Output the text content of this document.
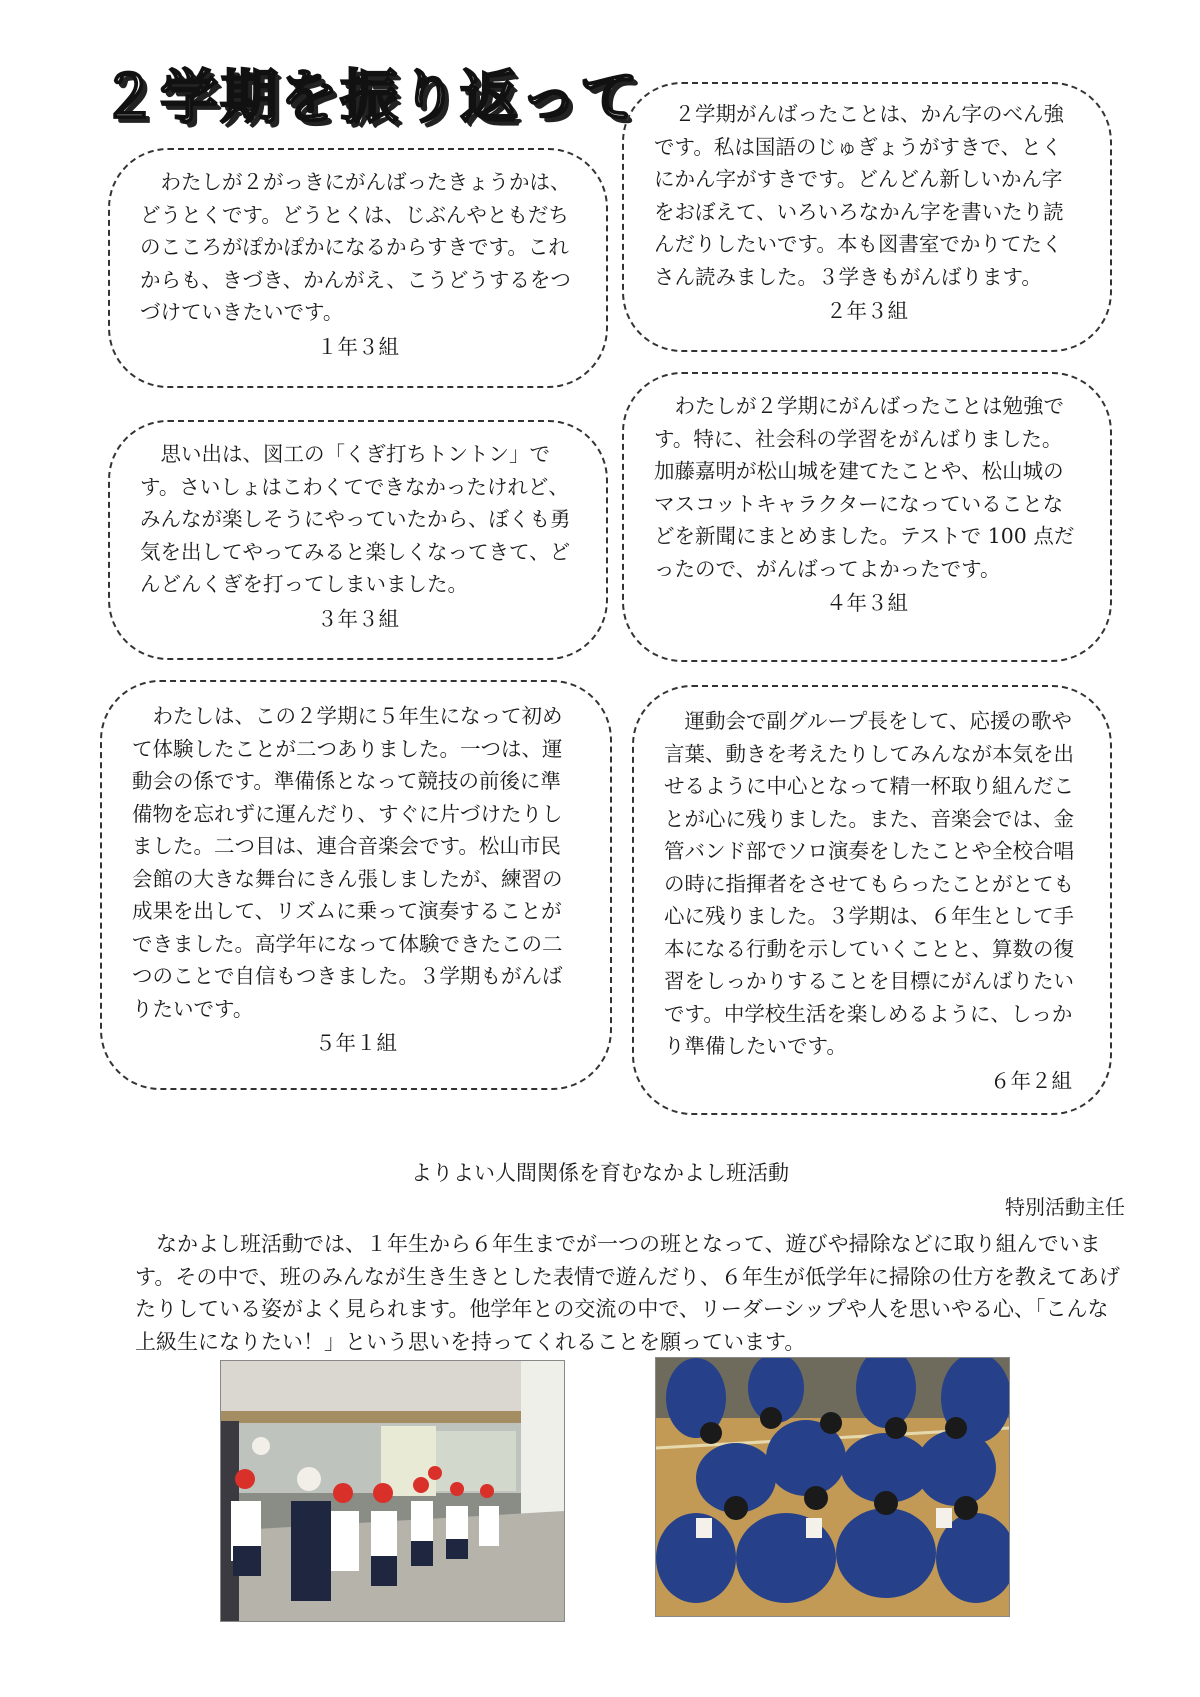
２学期を振り返って

わたしが２がっきにがんばったきょうかは、どうとくです。どうとくは、じぶんやともだちのこころがぽかぽかになるからすきです。これからも、きづき、かんがえ、こうどうするをつづけていきたいです。

１年３組

２学期がんばったことは、かん字のべん強です。私は国語のじゅぎょうがすきで、とくにかん字がすきです。どんどん新しいかん字をおぼえて、いろいろなかん字を書いたり読んだりしたいです。本も図書室でかりてたくさん読みました。３学きもがんばります。

２年３組

思い出は、図工の「くぎ打ちトントン」です。さいしょはこわくてできなかったけれど、みんなが楽しそうにやっていたから、ぼくも勇気を出してやってみると楽しくなってきて、どんどんくぎを打ってしまいました。

３年３組

わたしが２学期にがんばったことは勉強です。特に、社会科の学習をがんばりました。加藤嘉明が松山城を建てたことや、松山城のマスコットキャラクターになっていることなどを新聞にまとめました。テストで 100 点だったので、がんばってよかったです。

４年３組

わたしは、この２学期に５年生になって初めて体験したことが二つありました。一つは、運動会の係です。準備係となって競技の前後に準備物を忘れずに運んだり、すぐに片づけたりしました。二つ目は、連合音楽会です。松山市民会館の大きな舞台にきん張しましたが、練習の成果を出して、リズムに乗って演奏することができました。高学年になって体験できたこの二つのことで自信もつきました。３学期もがんばりたいです。

５年１組

運動会で副グループ長をして、応援の歌や言葉、動きを考えたりしてみんなが本気を出せるように中心となって精一杯取り組んだことが心に残りました。また、音楽会では、金管バンド部でソロ演奏をしたことや全校合唱の時に指揮者をさせてもらったことがとても心に残りました。３学期は、６年生として手本になる行動を示していくことと、算数の復習をしっかりすることを目標にがんばりたいです。中学校生活を楽しめるように、しっかり準備したいです。

６年２組
よりよい人間関係を育むなかよし班活動
特別活動主任

なかよし班活動では、１年生から６年生までが一つの班となって、遊びや掃除などに取り組んでいます。その中で、班のみんなが生き生きとした表情で遊んだり、６年生が低学年に掃除の仕方を教えてあげたりしている姿がよく見られます。他学年との交流の中で、リーダーシップや人を思いやる心、「こんな上級生になりたい！」という思いを持ってくれることを願っています。
